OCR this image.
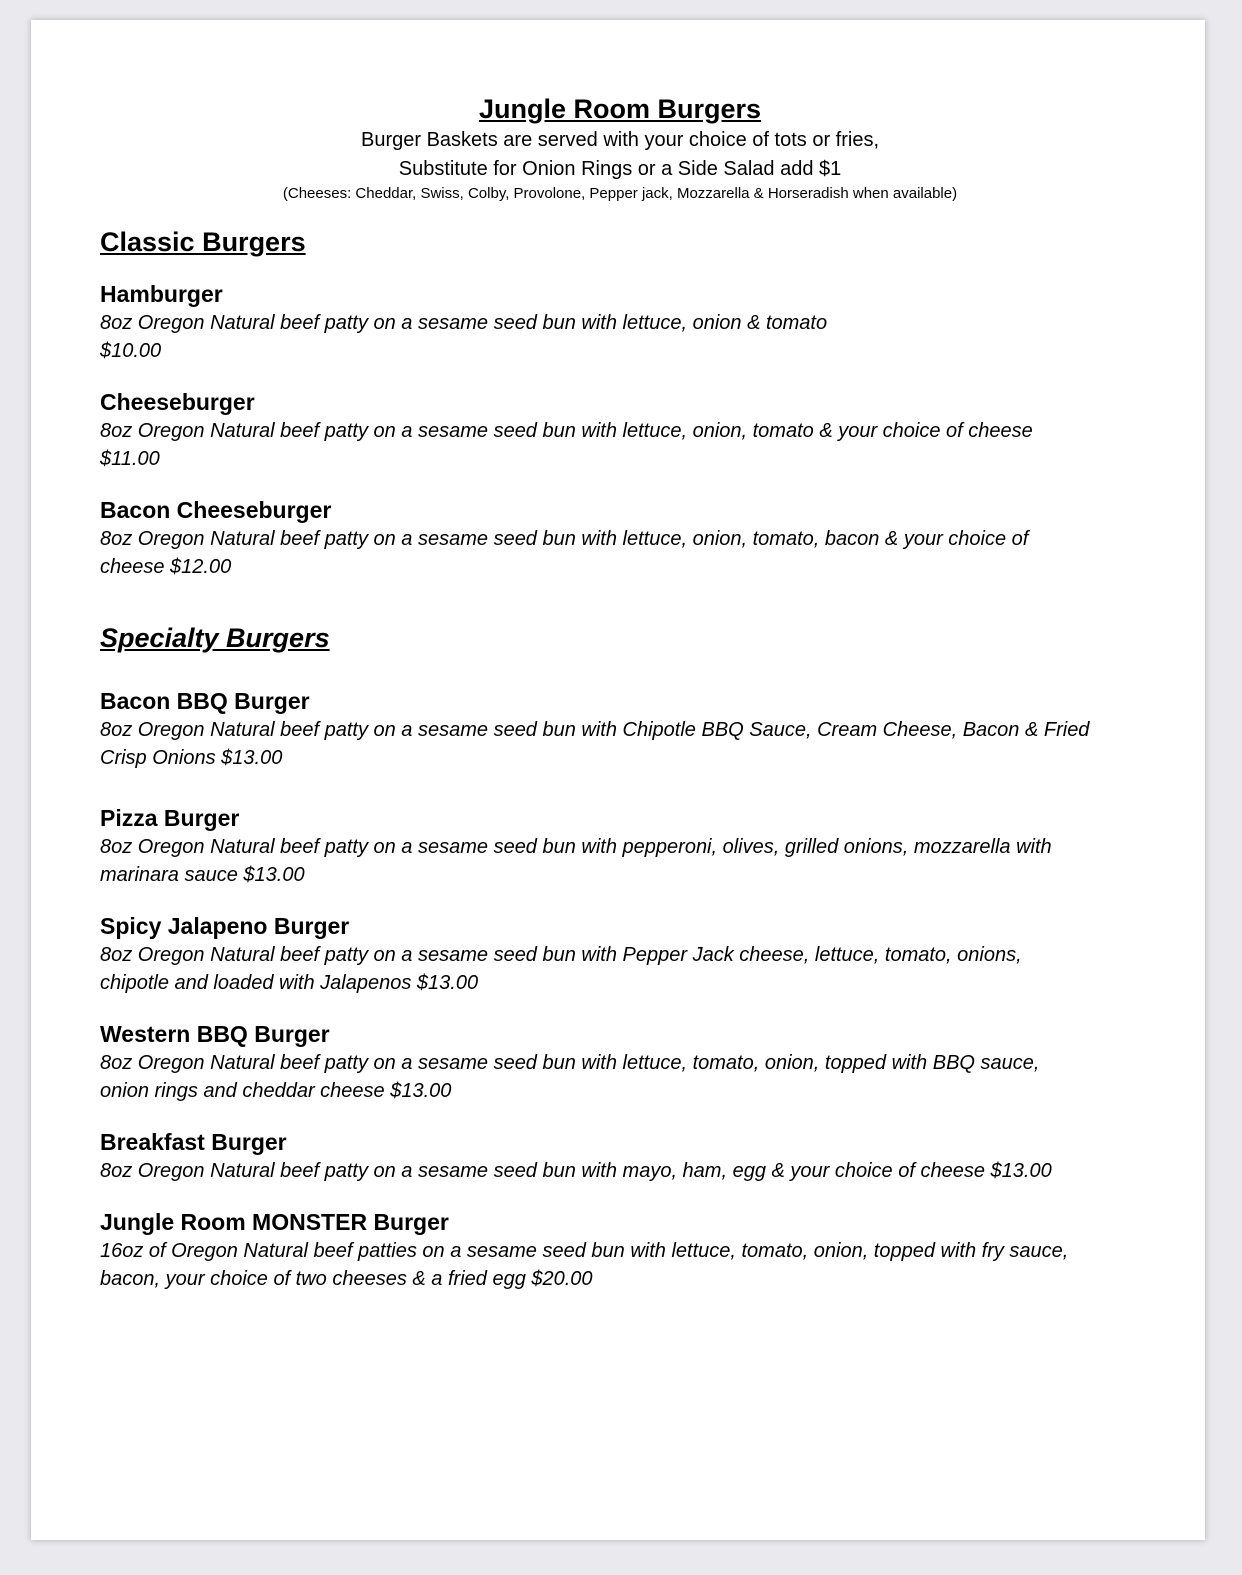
Jungle Room Burgers

Burger Baskets are served with your choice of tots or fries,

Substitute for Onion Rings or a Side Salad add $1

(Cheeses: Cheddar, Swiss, Colby, Provolone, Pepper jack, Mozzarella & Horseradish when available)

Classic Burgers

Hamburger

8oz Oregon Natural beef patty on a sesame seed bun with lettuce, onion & tomato

$10.00

Cheeseburger

8oz Oregon Natural beef patty on a sesame seed bun with lettuce, onion, tomato & your choice of cheese

$11.00

Bacon Cheeseburger

8oz Oregon Natural beef patty on a sesame seed bun with lettuce, onion, tomato, bacon & your choice of

cheese $12.00

Specialty Burgers

Bacon BBQ Burger

8oz Oregon Natural beef patty on a sesame seed bun with Chipotle BBQ Sauce, Cream Cheese, Bacon & Fried

Crisp Onions $13.00

Pizza Burger

8oz Oregon Natural beef patty on a sesame seed bun with pepperoni, olives, grilled onions, mozzarella with

marinara sauce $13.00

Spicy Jalapeno Burger

8oz Oregon Natural beef patty on a sesame seed bun with Pepper Jack cheese, lettuce, tomato, onions,

chipotle and loaded with Jalapenos $13.00

Western BBQ Burger

8oz Oregon Natural beef patty on a sesame seed bun with lettuce, tomato, onion, topped with BBQ sauce,

onion rings and cheddar cheese $13.00

Breakfast Burger

8oz Oregon Natural beef patty on a sesame seed bun with mayo, ham, egg & your choice of cheese $13.00

Jungle Room MONSTER Burger

16oz of Oregon Natural beef patties on a sesame seed bun with lettuce, tomato, onion, topped with fry sauce,

bacon, your choice of two cheeses & a fried egg $20.00
